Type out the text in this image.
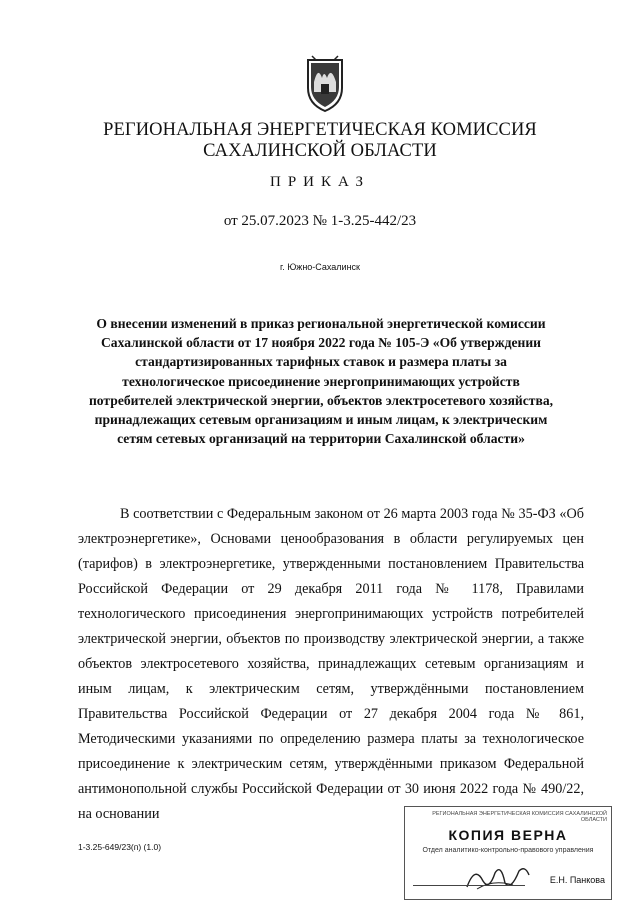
РЕГИОНАЛЬНАЯ ЭНЕРГЕТИЧЕСКАЯ КОМИССИЯ
САХАЛИНСКОЙ ОБЛАСТИ
ПРИКАЗ
от 25.07.2023 № 1-3.25-442/23
г. Южно-Сахалинск
О внесении изменений в приказ региональной энергетической комиссии Сахалинской области от 17 ноября 2022 года № 105-Э «Об утверждении стандартизированных тарифных ставок и размера платы за технологическое присоединение энергопринимающих устройств потребителей электрической энергии, объектов электросетевого хозяйства, принадлежащих сетевым организациям и иным лицам, к электрическим сетям сетевых организаций на территории Сахалинской области»
В соответствии с Федеральным законом от 26 марта 2003 года № 35-ФЗ «Об электроэнергетике», Основами ценообразования в области регулируемых цен (тарифов) в электроэнергетике, утвержденными постановлением Правительства Российской Федерации от 29 декабря 2011 года № 1178, Правилами технологического присоединения энергопринимающих устройств потребителей электрической энергии, объектов по производству электрической энергии, а также объектов электросетевого хозяйства, принадлежащих сетевым организациям и иным лицам, к электрическим сетям, утверждёнными постановлением Правительства Российской Федерации от 27 декабря 2004 года № 861, Методическими указаниями по определению размера платы за технологическое присоединение к электрическим сетям, утверждёнными приказом Федеральной антимонопольной службы Российской Федерации от 30 июня 2022 года № 490/22, на основании
1-3.25-649/23(п) (1.0)
РЕГИОНАЛЬНАЯ ЭНЕРГЕТИЧЕСКАЯ КОМИССИЯ САХАЛИНСКОЙ ОБЛАСТИ
КОПИЯ ВЕРНА
Отдел аналитико-контрольно-правового управления
Е.Н. Панкова
